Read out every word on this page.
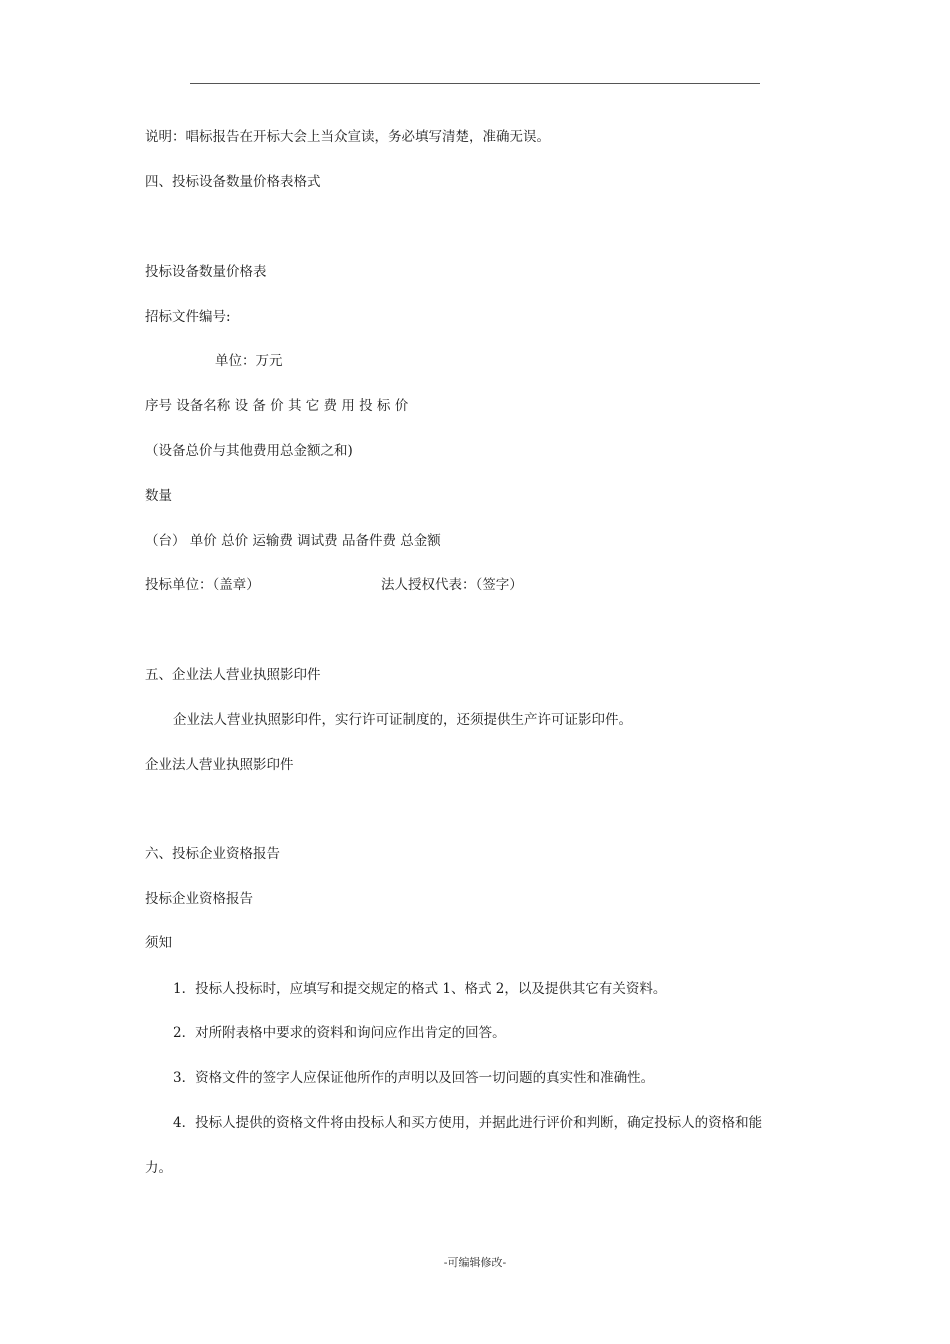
说明：唱标报告在开标大会上当众宣读，务必填写清楚，准确无误。
四、投标设备数量价格表格式
投标设备数量价格表
招标文件编号:
单位：万元
序号 设备名称 设 备 价 其 它 费 用 投 标 价
（设备总价与其他费用总金额之和)
数量
（台） 单价 总价 运输费 调试费 品备件费 总金额
投标单位：（盖章）	法人授权代表：（签字）
五、企业法人营业执照影印件
企业法人营业执照影印件，实行许可证制度的，还须提供生产许可证影印件。
企业法人营业执照影印件
六、投标企业资格报告
投标企业资格报告
须知
1．投标人投标时，应填写和提交规定的格式 1、格式 2，以及提供其它有关资料。
2．对所附表格中要求的资料和询问应作出肯定的回答。
3．资格文件的签字人应保证他所作的声明以及回答一切问题的真实性和准确性。
4．投标人提供的资格文件将由投标人和买方使用，并据此进行评价和判断，确定投标人的资格和能
力。
-可编辑修改-
